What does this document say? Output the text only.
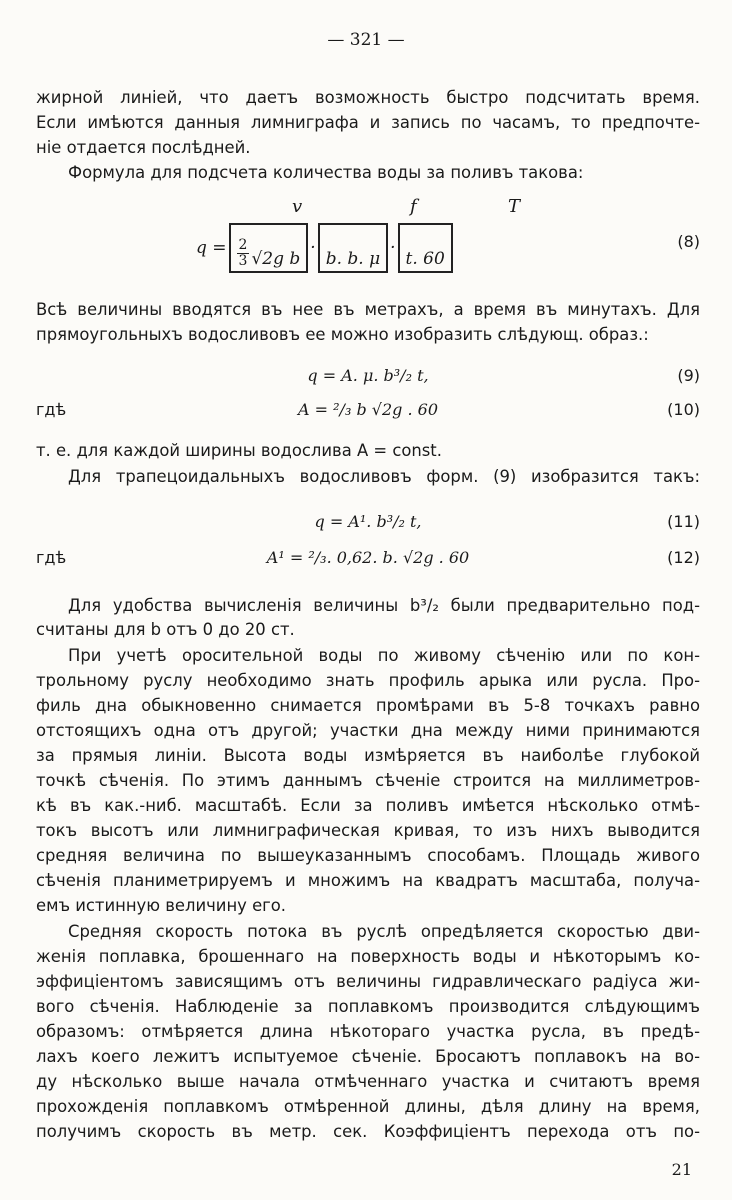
— 321 —
жирной линiей, что даетъ возможность быстро подсчитать время.
Если имѣются данныя лимниграфа и запись по часамъ, то предпочте-
нiе отдается послѣдней.
Формула для подсчета количества воды за поливъ такова:
v	f	T
$q = \frac{2}{3} √2g$ b
·
b. b. μ
·
t. 60
(8)
Всѣ величины вводятся въ нее въ метрахъ, а время въ минутахъ. Для
прямоугольныхъ водосливовъ ее можно изобразить слѣдующ. образ.:
q = A. μ. b³/₂ t,	(9)
гдѣ	A = ²/₃ b √2g . 60	(10)
т. е. для каждой ширины водослива A = const.
Для трапецоидальныхъ водосливовъ форм. (9) изобразится такъ:
q = A¹. b³/₂ t,	(11)
гдѣ	A¹ = ²/₃. 0,62. b. √2g . 60	(12)
Для удобства вычисленiя величины b³/₂ были предварительно под-
считаны для b отъ 0 до 20 ст.
При учетѣ оросительной воды по живому сѣченiю или по кон-
трольному руслу необходимо знать профиль арыка или русла. Про-
филь дна обыкновенно снимается промѣрами въ 5-8 точкахъ равно
отстоящихъ одна отъ другой; участки дна между ними принимаются
за прямыя линiи. Высота воды измѣряется въ наиболѣе глубокой
точкѣ сѣченiя. По этимъ даннымъ сѣченiе строится на миллиметров-
кѣ въ как.-ниб. масштабѣ. Если за поливъ имѣется нѣсколько отмѣ-
токъ высотъ или лимниграфическая кривая, то изъ нихъ выводится
средняя величина по вышеуказаннымъ способамъ. Площадь живого
сѣченiя планиметрируемъ и множимъ на квадратъ масштаба, получа-
емъ истинную величину его.
Средняя скорость потока въ руслѣ опредѣляется скоростью дви-
женiя поплавка, брошеннаго на поверхность воды и нѣкоторымъ ко-
эффицiентомъ зависящимъ отъ величины гидравлическаго радiуса жи-
вого сѣченiя. Наблюденiе за поплавкомъ производится слѣдующимъ
образомъ: отмѣряется длина нѣкотораго участка русла, въ предѣ-
лахъ коего лежитъ испытуемое сѣченiе. Бросаютъ поплавокъ на во-
ду нѣсколько выше начала отмѣченнаго участка и считаютъ время
прохожденiя поплавкомъ отмѣренной длины, дѣля длину на время,
получимъ скорость въ метр. сек. Коэффицiентъ перехода отъ по-
21
